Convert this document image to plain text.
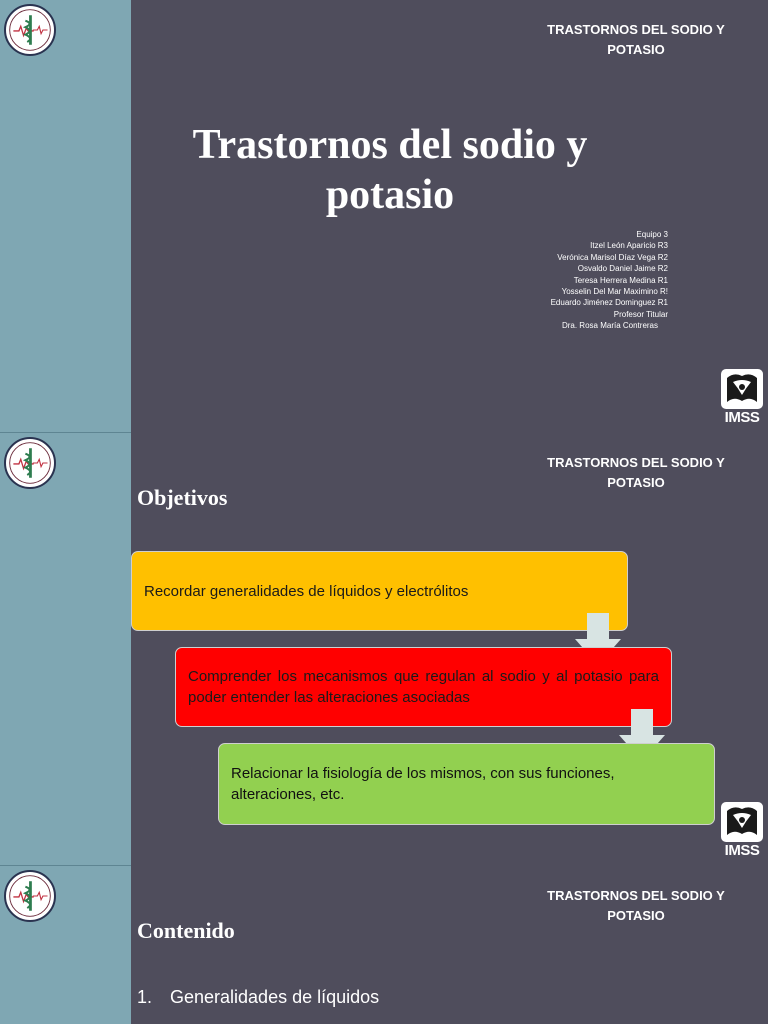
TRASTORNOS DEL SODIO Y POTASIO
Trastornos del sodio y
potasio
Equipo 3
Itzel León Aparicio R3
Verónica Marisol Díaz Vega R2
Osvaldo Daniel Jaime R2
Teresa Herrera Medina R1
Yosselin Del Mar Maximino R!
Eduardo Jiménez Dominguez R1
Profesor Titular
Dra. Rosa María Contreras
IMSS
TRASTORNOS DEL SODIO Y POTASIO
Objetivos
IMSS
Recordar generalidades de líquidos y electrólitos
Comprender los mecanismos que regulan al sodio y al potasio para poder entender las alteraciones asociadas
Relacionar la fisiología de los mismos, con sus funciones, alteraciones, etc.
TRASTORNOS DEL SODIO Y POTASIO
Contenido
1. Generalidades de líquidos
